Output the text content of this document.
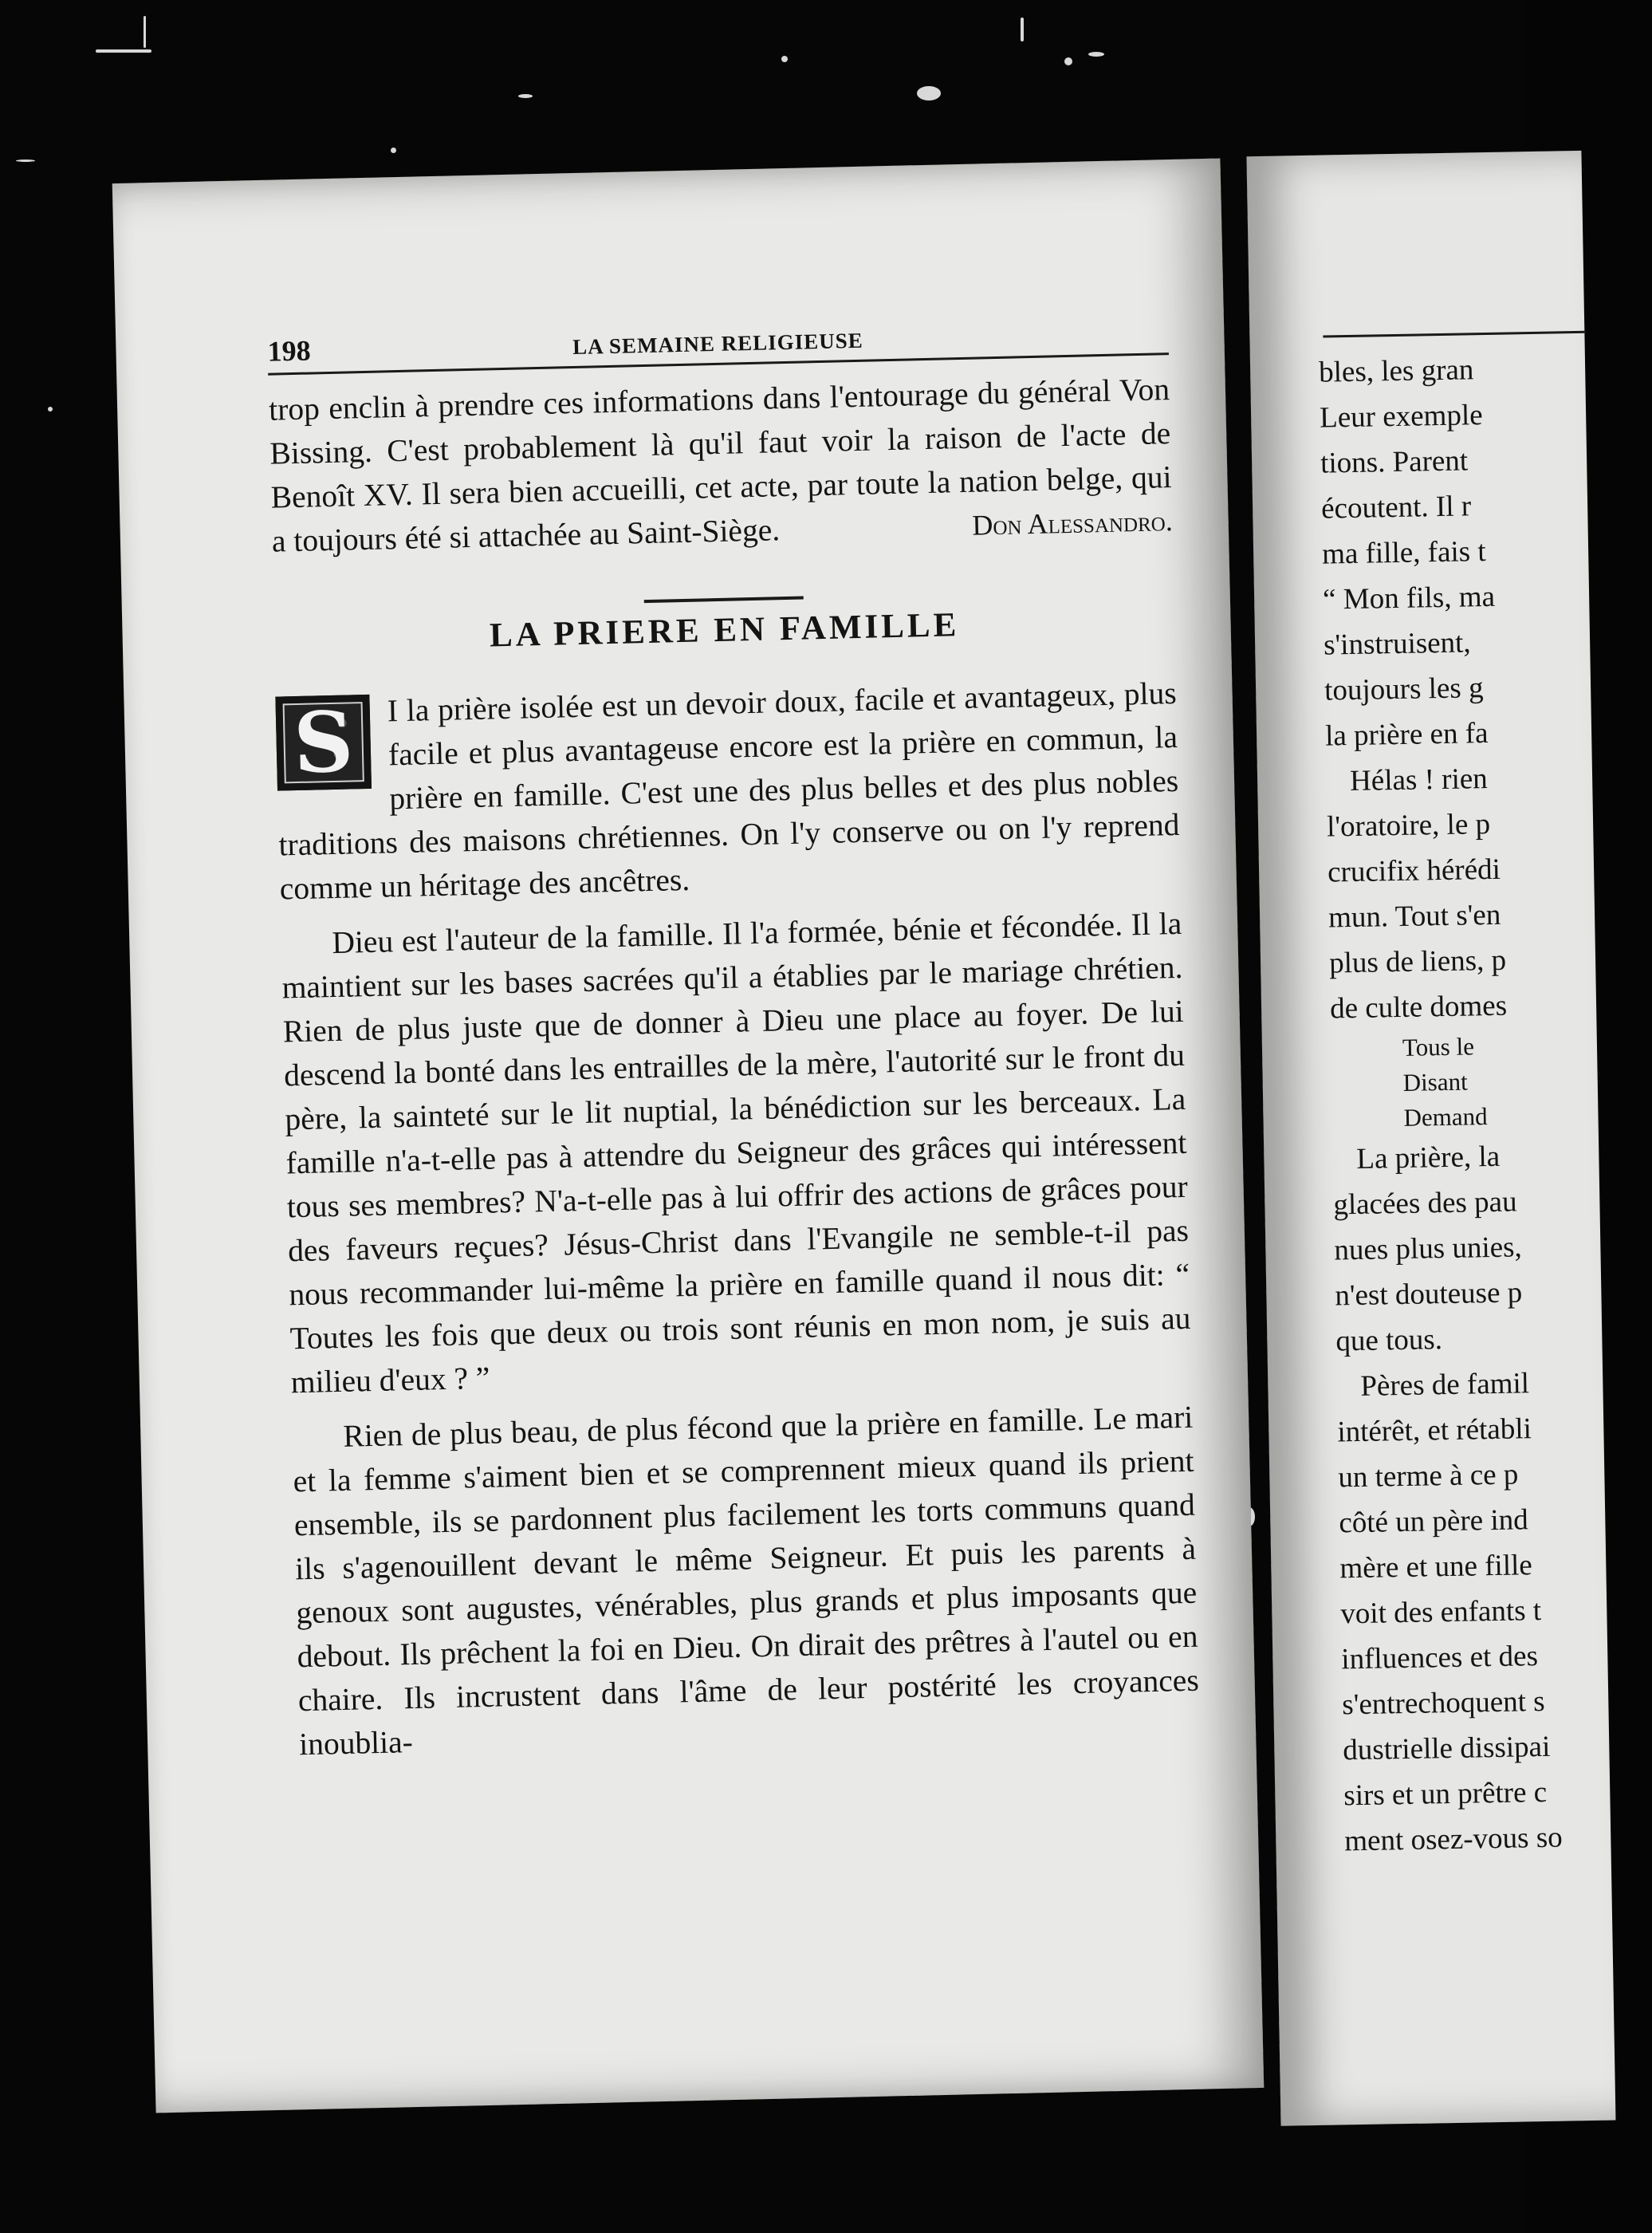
198	LA SEMAINE RELIGIEUSE

trop enclin à prendre ces informations dans l'entourage du général Von Bissing. C'est probablement là qu'il faut voir la raison de l'acte de Benoît XV. Il sera bien accueilli, cet acte, par toute la nation belge, qui a toujours été si attachée au Saint-Siège.	Don Alessandro.

LA PRIERE EN FAMILLE
S	I la prière isolée est un devoir doux, facile et avantageux, plus facile et plus avantageuse encore est la prière en commun, la prière en famille. C'est une des plus belles et des plus nobles traditions des maisons chrétiennes. On l'y conserve ou on l'y reprend comme un héritage des ancêtres.

Dieu est l'auteur de la famille. Il l'a formée, bénie et fécondée. Il la maintient sur les bases sacrées qu'il a établies par le mariage chrétien. Rien de plus juste que de donner à Dieu une place au foyer. De lui descend la bonté dans les entrailles de la mère, l'autorité sur le front du père, la sainteté sur le lit nuptial, la bénédiction sur les berceaux. La famille n'a-t-elle pas à attendre du Seigneur des grâces qui intéressent tous ses membres? N'a-t-elle pas à lui offrir des actions de grâces pour des faveurs reçues? Jésus-Christ dans l'Evangile ne semble-t-il pas nous recommander lui-même la prière en famille quand il nous dit: “ Toutes les fois que deux ou trois sont réunis en mon nom, je suis au milieu d'eux ? ”

Rien de plus beau, de plus fécond que la prière en famille. Le mari et la femme s'aiment bien et se comprennent mieux quand ils prient ensemble, ils se pardonnent plus facilement les torts communs quand ils s'agenouillent devant le même Seigneur. Et puis les parents à genoux sont augustes, vénérables, plus grands et plus imposants que debout. Ils prêchent la foi en Dieu. On dirait des prêtres à l'autel ou en chaire. Ils incrustent dans l'âme de leur postérité les croyances inoublia-

bles, les gran
Leur exemple
tions. Parent
écoutent. Il r
ma fille, fais t
“ Mon fils, ma
s'instruisent,
toujours les g
la prière en fa
Hélas ! rien
l'oratoire, le p
crucifix hérédi
mun. Tout s'en
plus de liens, p
de culte domes
Tous le
Disant
Demand
La prière, la
glacées des pau
nues plus unies,
n'est douteuse p
que tous.
Pères de famil
intérêt, et rétabli
un terme à ce p
côté un père ind
mère et une fille
voit des enfants t
influences et des
s'entrechoquent s
dustrielle dissipai
sirs et un prêtre c
ment osez-vous so
